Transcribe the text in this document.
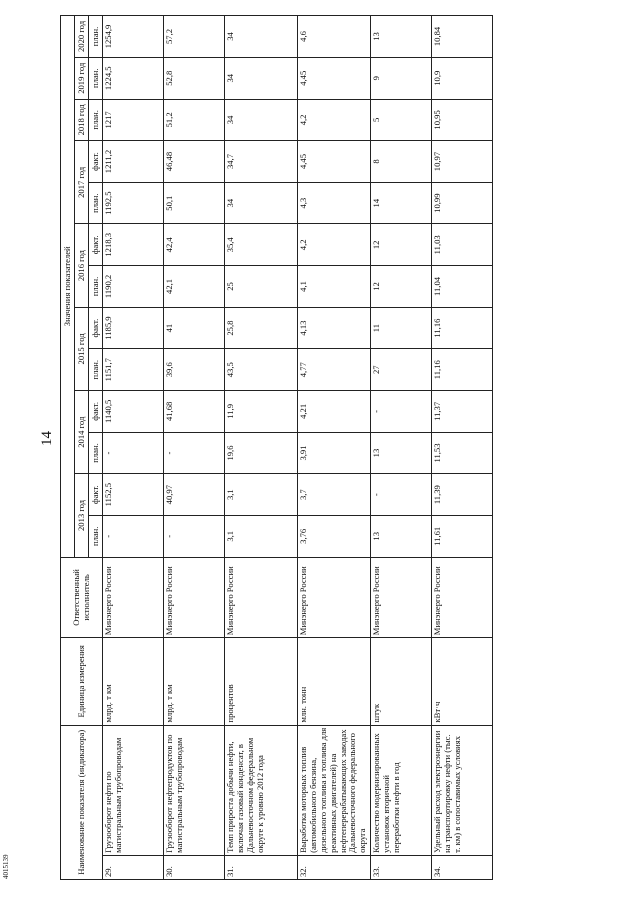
14
4015139	Наименование показателя (индикатора)		Единица измерения	Ответственный исполнитель	Значения показателей												
				2013 год		2014 год		2015 год		2016 год		2017 год				
														2018 год	2019 год	2020 год
				план.	факт.	план.	факт.	план.	факт.	план.	факт.	план.	факт.	план.	план.	план.
29.	Грузооборот нефти по магистральным трубопроводам	млрд. т км	Минэнерго России	-	1152,5	-	1140,5	1151,7	1185,9	1190,2	1218,3	1192,5	1211,2	1217	1224,5	1254,9
30.	Грузооборот нефтепродуктов по магистральным трубопроводам	млрд. т км	Минэнерго России	-	40,97	-	41,68	39,6	41	42,1	42,4	50,1	46,48	51,2	52,8	57,2
31.	Темп прироста добычи нефти, включая газовый конденсат, в Дальневосточном федеральном округе к уровню 2012 года	процентов	Минэнерго России	3,1	3,1	19,6	11,9	43,5	25,8	25	35,4	34	34,7	34	34	34
32.	Выработка моторных топлив (автомобильного бензина, дизельного топлива и топлива для реактивных двигателей) на нефтеперерабатывающих заводах Дальневосточного федерального округа	млн. тонн	Минэнерго России	3,76	3,7	3,91	4,21	4,77	4,13	4,1	4,2	4,3	4,45	4,2	4,45	4,6
33.	Количество модернизированных установок вторичной переработки нефти в год	штук	Минэнерго России	13	-	13	-	27	11	12	12	14	8	5	9	13
34.	Удельный расход электроэнергии на транспортировку нефти (тыс. т. км) в сопоставимых условиях	кВт·ч	Минэнерго России	11,61	11,39	11,53	11,37	11,16	11,16	11,04	11,03	10,99	10,97	10,95	10,9	10,84
